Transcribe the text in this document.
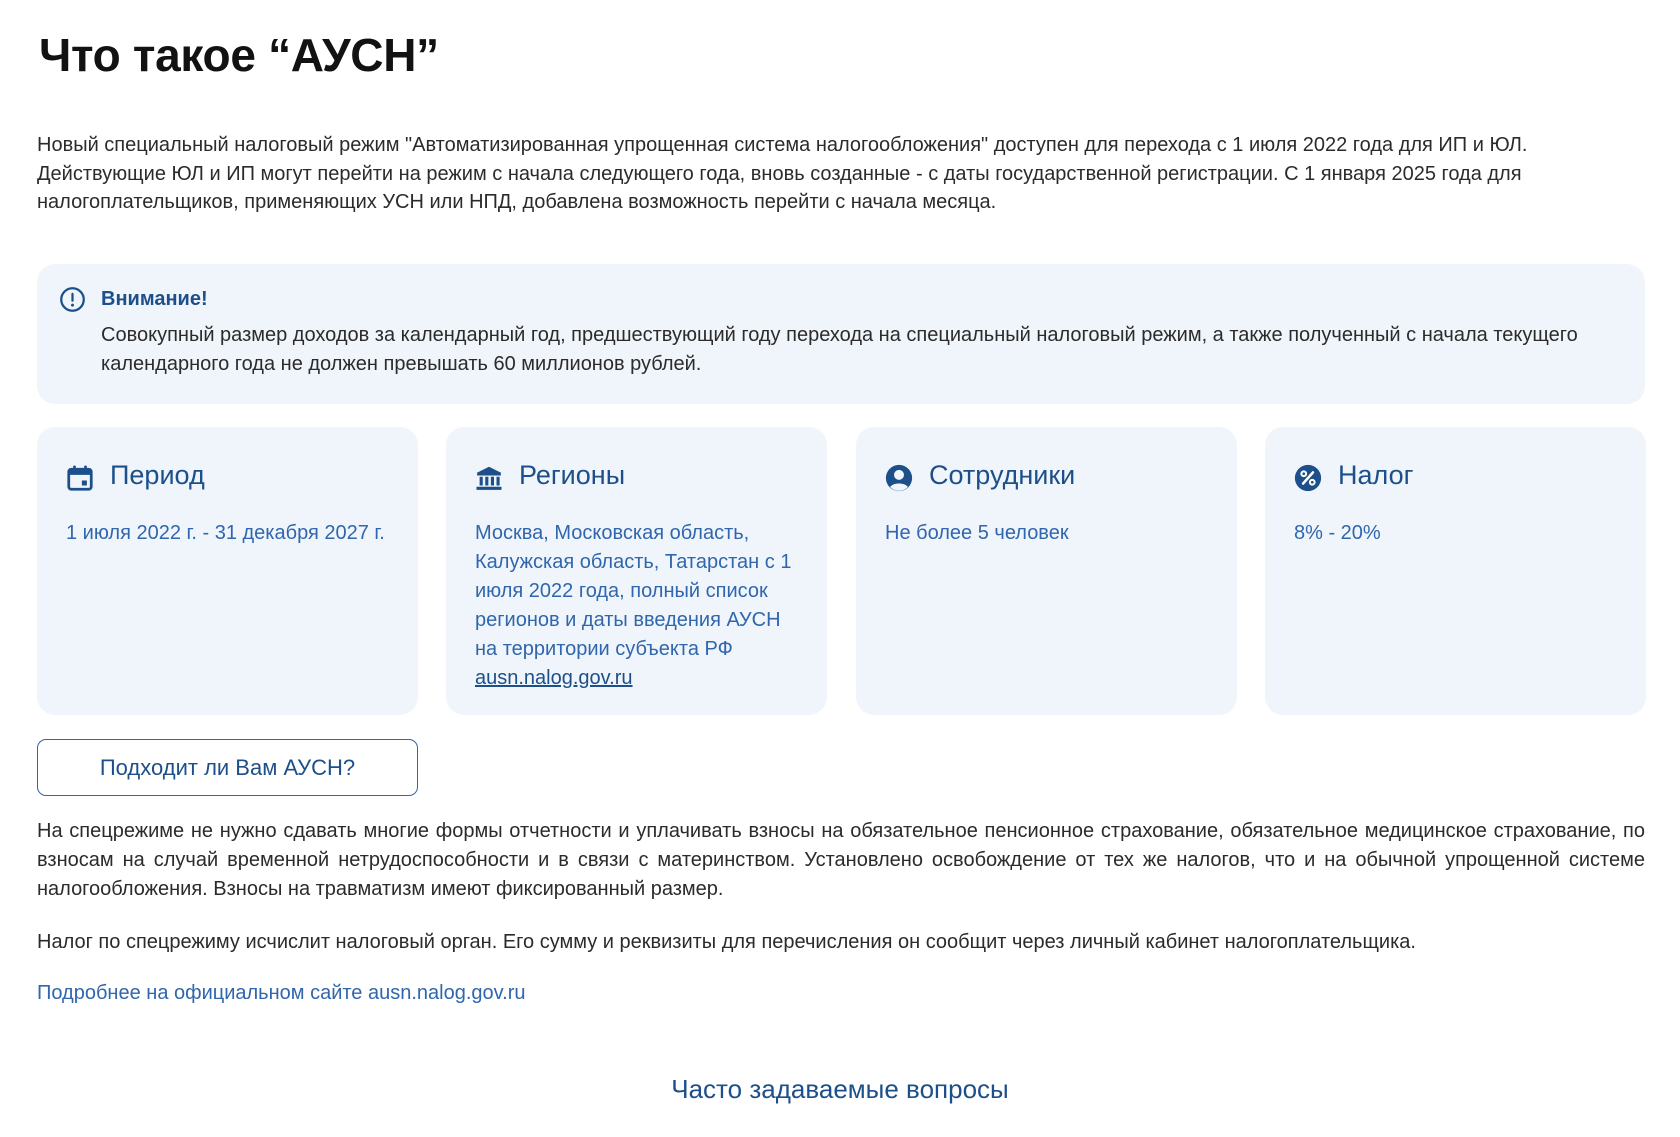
Что такое “АУСН”

Новый специальный налоговый режим "Автоматизированная упрощенная система налогообложения" доступен для перехода с 1 июля 2022 года для ИП и ЮЛ. Действующие ЮЛ и ИП могут перейти на режим с начала следующего года, вновь созданные - с даты государственной регистрации. С 1 января 2025 года для налогоплательщиков, применяющих УСН или НПД, добавлена возможность перейти с начала месяца.

Внимание!

Совокупный размер доходов за календарный год, предшествующий году перехода на специальный налоговый режим, а также полученный с начала текущего календарного года не должен превышать 60 миллионов рублей.

Период

1 июля 2022 г. - 31 декабря 2027 г.

Регионы

Москва, Московская область, Калужская область, Татарстан с 1 июля 2022 года, полный список регионов и даты введения АУСН на территории субъекта РФ ausn.nalog.gov.ru

Сотрудники

Не более 5 человек

Налог

8% - 20%

Подходит ли Вам АУСН?

На спецрежиме не нужно сдавать многие формы отчетности и уплачивать взносы на обязательное пенсионное страхование, обязательное медицинское страхование, по взносам на случай временной нетрудоспособности и в связи с материнством. Установлено освобождение от тех же налогов, что и на обычной упрощенной системе налогообложения. Взносы на травматизм имеют фиксированный размер.

Налог по спецрежиму исчислит налоговый орган. Его сумму и реквизиты для перечисления он сообщит через личный кабинет налогоплательщика.

Подробнее на официальном сайте ausn.nalog.gov.ru
Часто задаваемые вопросы
